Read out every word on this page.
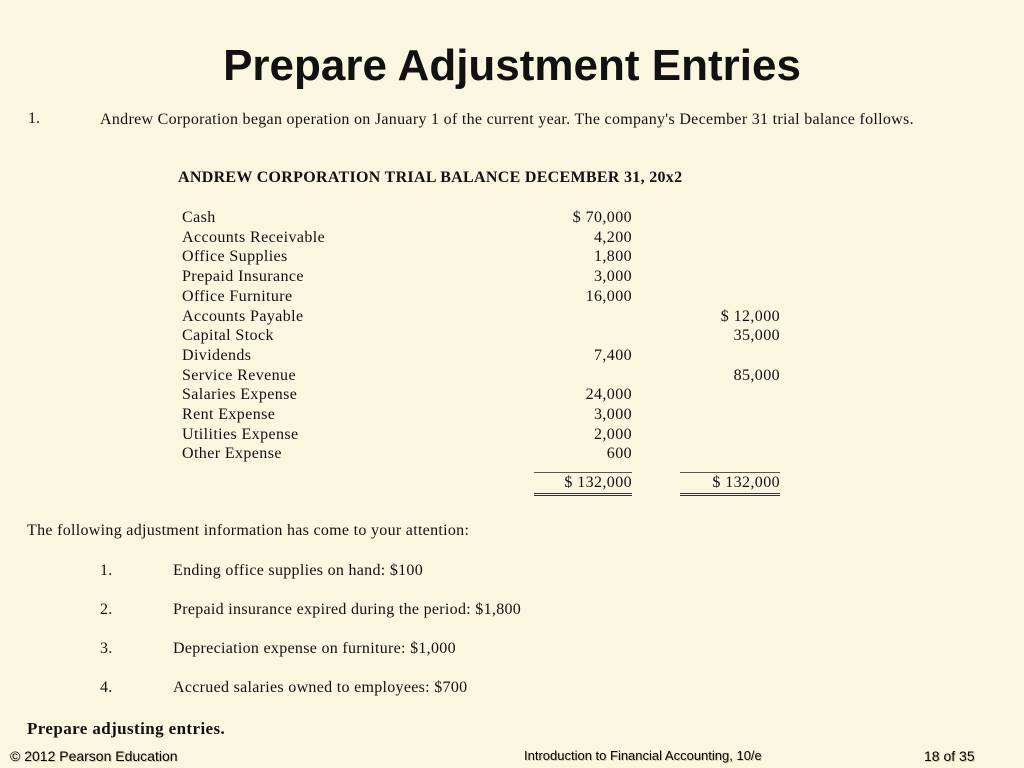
Prepare Adjustment Entries
1.	Andrew Corporation began operation on January 1 of the current year. The company's December 31 trial balance follows.
ANDREW CORPORATION TRIAL BALANCE DECEMBER 31, 20x2
Cash	$ 70,000		
Accounts Receivable	4,200		
Office Supplies	1,800		
Prepaid Insurance	3,000		
Office Furniture	16,000		
Accounts Payable			$ 12,000
Capital Stock			35,000
Dividends	7,400		
Service Revenue			85,000
Salaries Expense	24,000		
Rent Expense	3,000		
Utilities Expense	2,000		
Other Expense	600		

	$ 132,000		$ 132,000
The following adjustment information has come to your attention:
1.	Ending office supplies on hand: $100
2.	Prepaid insurance expired during the period: $1,800
3.	Depreciation expense on furniture: $1,000
4.	Accrued salaries owned to employees: $700
Prepare adjusting entries.
© 2012 Pearson Education	Introduction to Financial Accounting, 10/e	18 of 35
